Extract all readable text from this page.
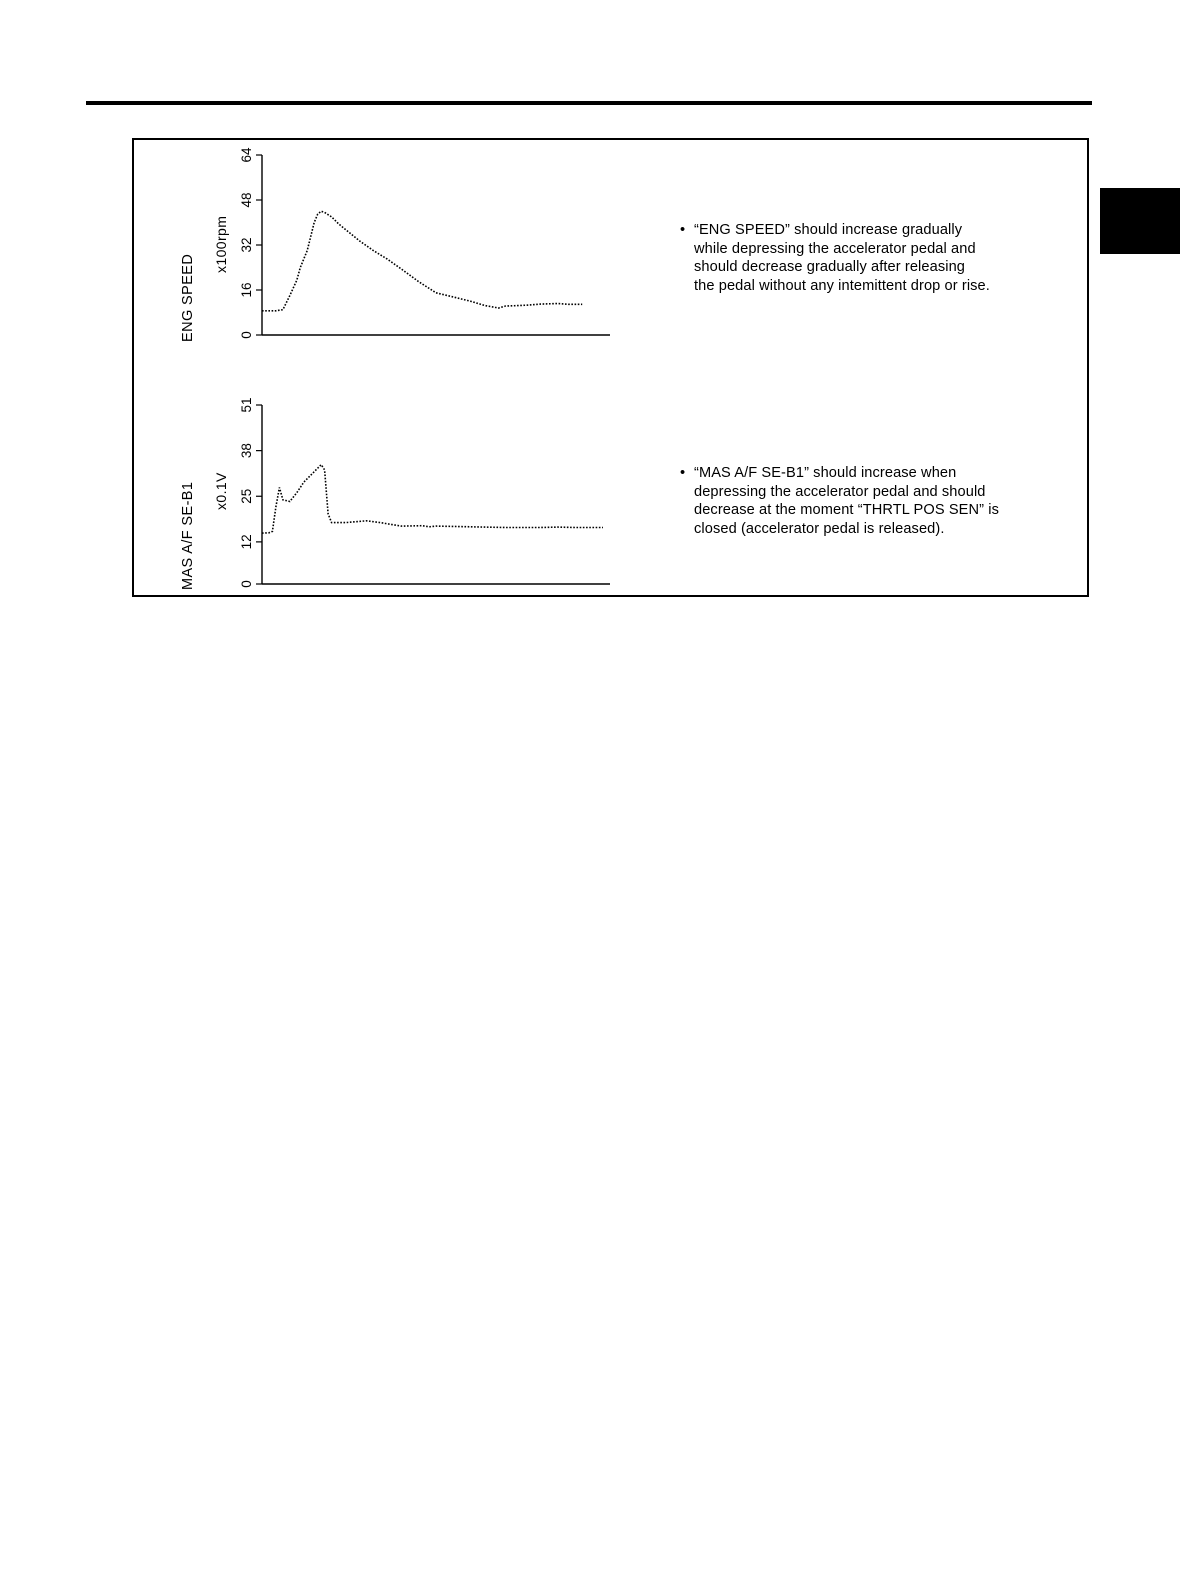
ENG SPEED
x100rpm
0
16
32
48
64
MAS A/F SE-B1 x0.1V
0
12
25
38
51
• “ENG SPEED” should increase gradually
while depressing the accelerator pedal and
should decrease gradually after releasing
the pedal without any intemittent drop or rise.
• “MAS A/F SE-B1” should increase when
depressing the accelerator pedal and should
decrease at the moment “THRTL POS SEN” is
closed (accelerator pedal is released).
